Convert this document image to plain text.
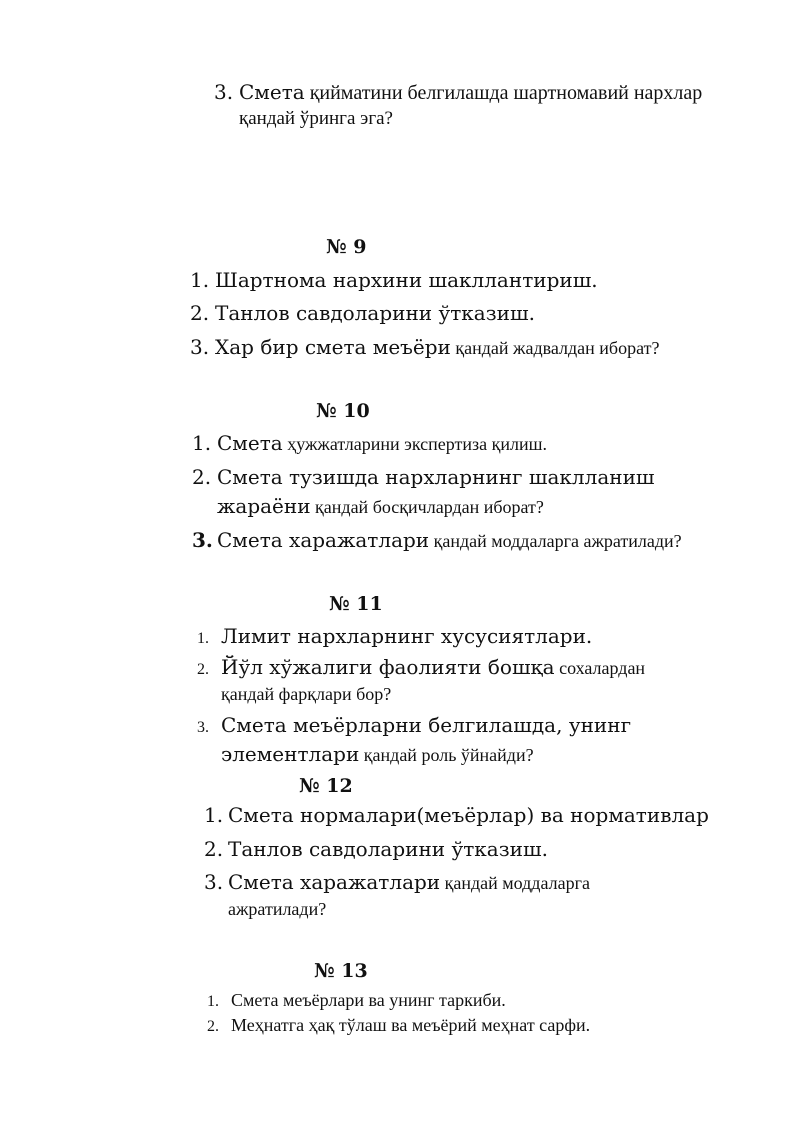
3. Смета қийматини белгилашда шартномавий нархлар
қандай ўринга эга?
№ 9
1. Шартнома нархини шакллантириш.
2. Танлов савдоларини ўтказиш.
3. Хар бир смета меъёри қандай жадвалдан иборат?
№ 10
1. Смета ҳужжатларини экспертиза қилиш.
2. Смета тузишда нархларнинг шаклланиш
жараёни қандай босқичлардан иборат?
3. Смета харажатлари қандай моддаларга ажратилади?
№ 11
1. Лимит нархларнинг хусусиятлари.
2. Йўл хўжалиги фаолияти бошқа сохалардан
қандай фарқлари бор?
3. Смета меъёрларни белгилашда, унинг
элементлари қандай роль ўйнайди?
№ 12
1. Смета нормалари(меъёрлар) ва нормативлар
2. Танлов савдоларини ўтказиш.
3. Смета харажатлари қандай моддаларга
ажратилади?
№ 13
1. Смета меъёрлари ва унинг таркиби.
2. Меҳнатга ҳақ тўлаш ва меъёрий меҳнат сарфи.
